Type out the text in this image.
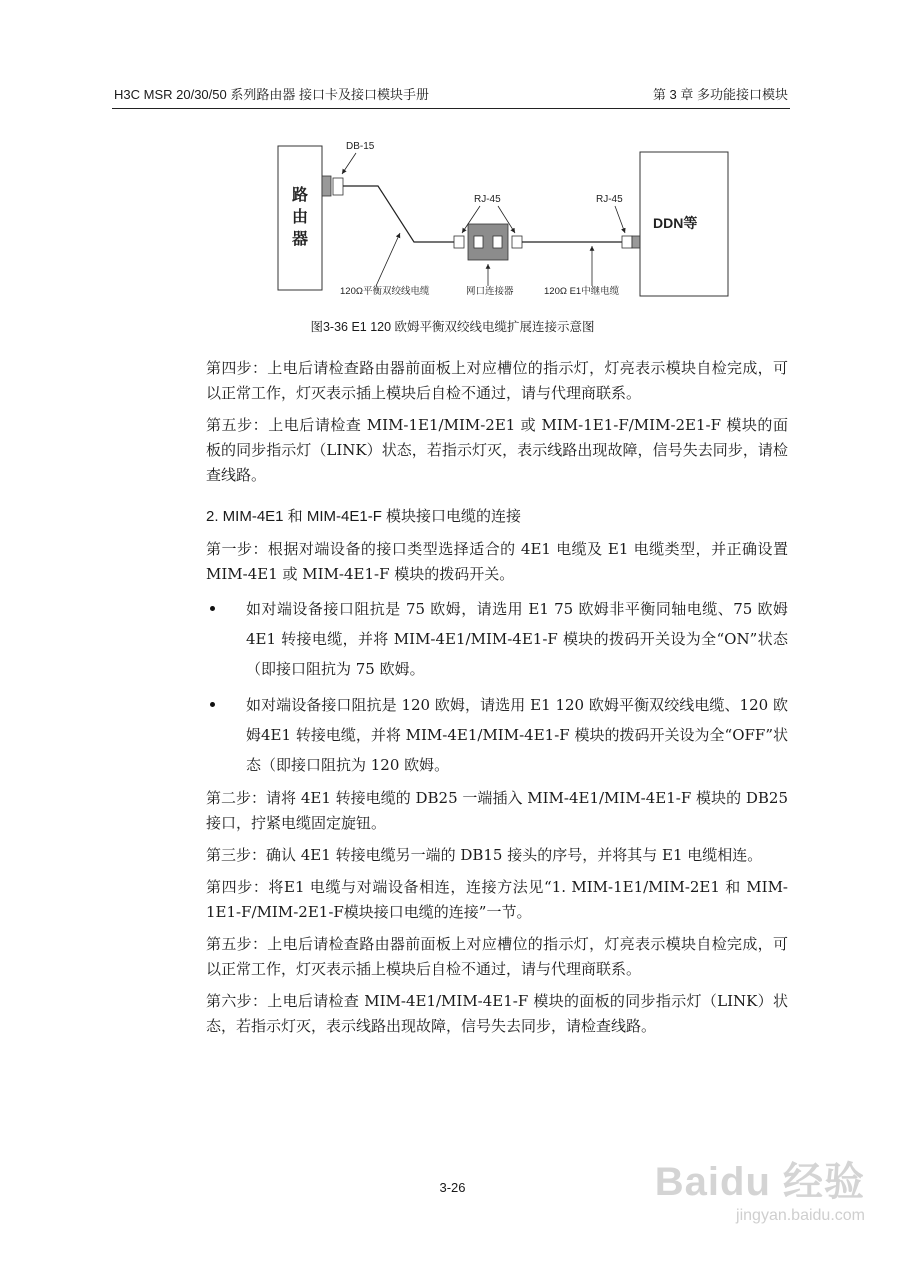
H3C MSR 20/30/50 系列路由器 接口卡及接口模块手册	第 3 章 多功能接口模块
路
由
器
DB-15
120Ω平衡双绞线电缆
RJ-45
网口连接器	120Ω E1中继电缆
RJ-45
DDN等
图3-36 E1 120 欧姆平衡双绞线电缆扩展连接示意图

第四步：上电后请检查路由器前面板上对应槽位的指示灯，灯亮表示模块自检完成，可以正常工作，灯灭表示插上模块后自检不通过，请与代理商联系。

第五步：上电后请检查 MIM-1E1/MIM-2E1 或 MIM-1E1-F/MIM-2E1-F 模块的面板的同步指示灯（LINK）状态，若指示灯灭，表示线路出现故障，信号失去同步，请检查线路。

2. MIM-4E1 和 MIM-4E1-F 模块接口电缆的连接

第一步：根据对端设备的接口类型选择适合的 4E1 电缆及 E1 电缆类型，并正确设置 MIM-4E1 或 MIM-4E1-F 模块的拨码开关。

如对端设备接口阻抗是 75 欧姆，请选用 E1 75 欧姆非平衡同轴电缆、75 欧姆 4E1 转接电缆，并将 MIM-4E1/MIM-4E1-F 模块的拨码开关设为全“ON”状态（即接口阻抗为 75 欧姆。
如对端设备接口阻抗是 120 欧姆，请选用 E1 120 欧姆平衡双绞线电缆、120 欧姆4E1 转接电缆，并将 MIM-4E1/MIM-4E1-F 模块的拨码开关设为全“OFF”状态（即接口阻抗为 120 欧姆。

第二步：请将 4E1 转接电缆的 DB25 一端插入 MIM-4E1/MIM-4E1-F 模块的 DB25 接口，拧紧电缆固定旋钮。

第三步：确认 4E1 转接电缆另一端的 DB15 接头的序号，并将其与 E1 电缆相连。

第四步：将E1 电缆与对端设备相连，连接方法见“1. MIM-1E1/MIM-2E1 和 MIM-1E1-F/MIM-2E1-F模块接口电缆的连接”一节。

第五步：上电后请检查路由器前面板上对应槽位的指示灯，灯亮表示模块自检完成，可以正常工作，灯灭表示插上模块后自检不通过，请与代理商联系。

第六步：上电后请检查 MIM-4E1/MIM-4E1-F 模块的面板的同步指示灯（LINK）状态，若指示灯灭，表示线路出现故障，信号失去同步，请检查线路。

3-26	Baidu 经验
jingyan.baidu.com
